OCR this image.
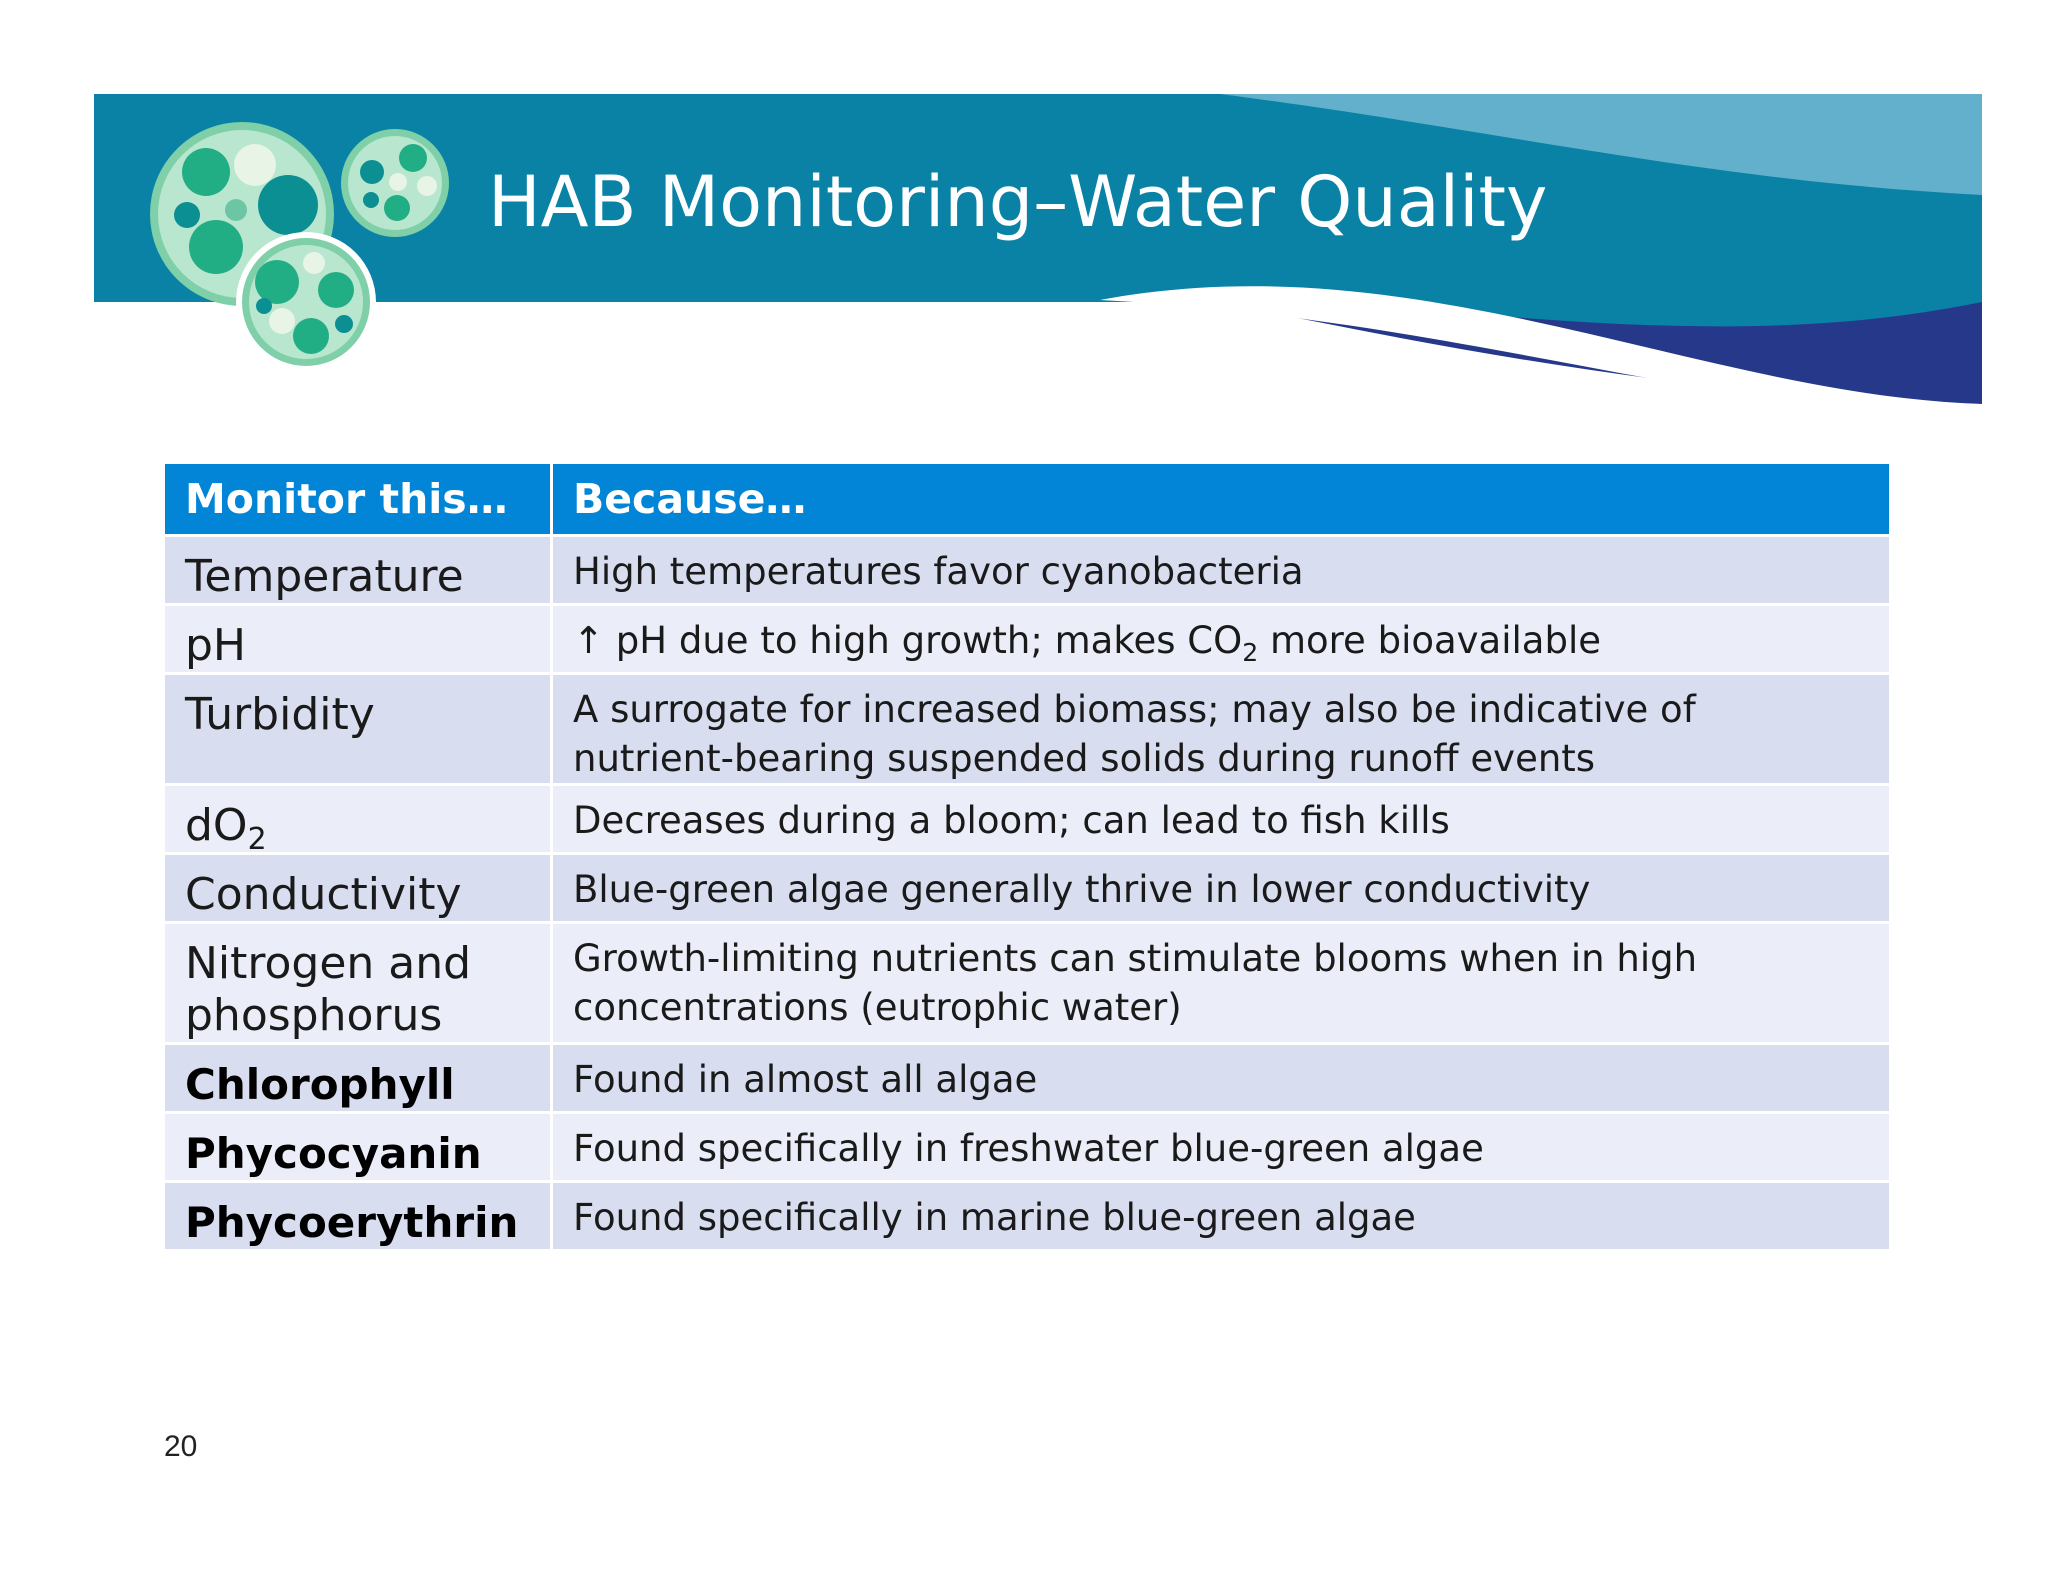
HAB Monitoring–Water Quality
Monitor this…	Because…
Temperature	High temperatures favor cyanobacteria
pH	↑ pH due to high growth; makes $CO_2$ more bioavailable
Turbidity	A surrogate for increased biomass; may also be indicative of
nutrient-bearing suspended solids during runoff events
$dO_2$	Decreases during a bloom; can lead to fish kills
Conductivity	Blue-green algae generally thrive in lower conductivity
Nitrogen and
phosphorus	Growth-limiting nutrients can stimulate blooms when in high
concentrations (eutrophic water)
Chlorophyll	Found in almost all algae
Phycocyanin	Found specifically in freshwater blue-green algae
Phycoerythrin	Found specifically in marine blue-green algae
20
